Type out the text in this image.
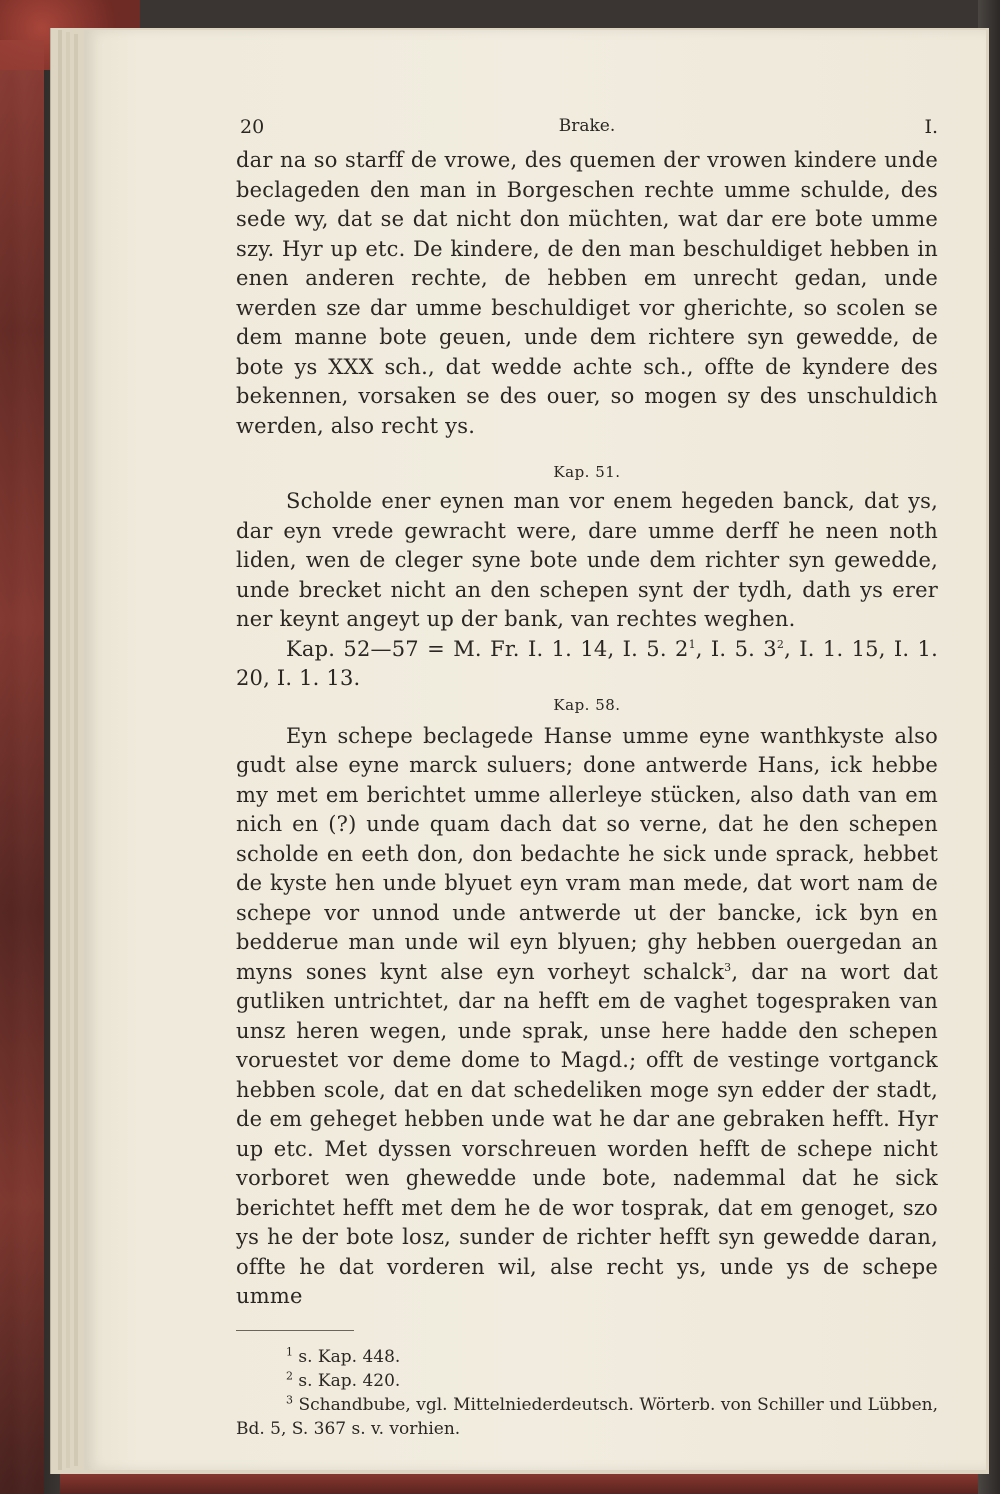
20	Brake.	I.

dar na so starff de vrowe, des quemen der vrowen kindere unde beclageden den man in Borgeschen rechte umme schulde, des sede wy, dat se dat nicht don müchten, wat dar ere bote umme szy. Hyr up etc. De kindere, de den man beschuldiget hebben in enen anderen rechte, de hebben em unrecht gedan, unde werden sze dar umme beschuldiget vor gherichte, so scolen se dem manne bote geuen, unde dem richtere syn gewedde, de bote ys XXX sch., dat wedde achte sch., offte de kyndere des bekennen, vorsaken se des ouer, so mogen sy des unschuldich werden, also recht ys.

Kap. 51.

Scholde ener eynen man vor enem hegeden banck, dat ys, dar eyn vrede gewracht were, dare umme derff he neen noth liden, wen de cleger syne bote unde dem richter syn gewedde, unde brecket nicht an den schepen synt der tydh, dath ys erer ner keynt angeyt up der bank, van rechtes weghen.

Kap. 52—57 = M. Fr. I. 1. 14, I. 5. $2^1$, I. 5. $3^2$, I. 1. 15, I. 1. 20, I. 1. 13.

Kap. 58.

Eyn schepe beclagede Hanse umme eyne wanthkyste also gudt alse eyne marck suluers; done antwerde Hans, ick hebbe my met em berichtet umme allerleye stücken, also dath van em nich en (?) unde quam dach dat so verne, dat he den schepen scholde en eeth don, don bedachte he sick unde sprack, hebbet de kyste hen unde blyuet eyn vram man mede, dat wort nam de schepe vor unnod unde antwerde ut der bancke, ick byn en bedderue man unde wil eyn blyuen; ghy hebben ouergedan an myns sones kynt alse eyn vorheyt schalck$^3$, dar na wort dat gutliken untrichtet, dar na hefft em de vaghet togespraken van unsz heren wegen, unde sprak, unse here hadde den schepen voruestet vor deme dome to Magd.; offt de vestinge vortganck hebben scole, dat en dat schedeliken moge syn edder der stadt, de em geheget hebben unde wat he dar ane gebraken hefft. Hyr up etc. Met dyssen vorschreuen worden hefft de schepe nicht vorboret wen ghewedde unde bote, nademmal dat he sick berichtet hefft met dem he de wor tosprak, dat em genoget, szo ys he der bote losz, sunder de richter hefft syn gewedde daran, offte he dat vorderen wil, alse recht ys, unde ys de schepe umme

$^1$ s. Kap. 448.

$^2$ s. Kap. 420.

$^3$ Schandbube, vgl. Mittelniederdeutsch. Wörterb. von Schiller und Lübben, Bd. 5, S. 367 s. v. vorhien.
